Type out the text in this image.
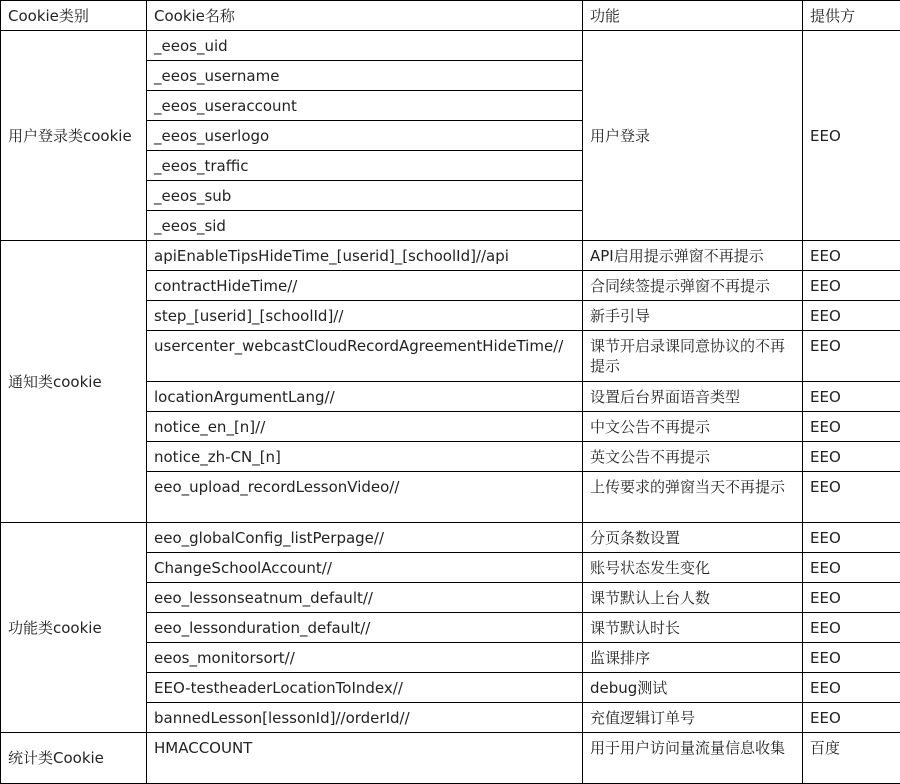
Cookie类别	Cookie名称	功能	提供方
用户登录类cookie	_eeos_uid	用户登录	EEO
	_eeos_username		
	_eeos_useraccount		
	_eeos_userlogo		
	_eeos_traffic		
	_eeos_sub		
	_eeos_sid		
通知类cookie	apiEnableTipsHideTime_[userid]_[schoolId]//api	API启用提示弹窗不再提示	EEO
	contractHideTime//	合同续签提示弹窗不再提示	EEO
	step_[userid]_[schoolId]//	新手引导	EEO
	usercenter_webcastCloudRecordAgreementHideTime//	课节开启录课同意协议的不再提示	EEO
	locationArgumentLang//	设置后台界面语音类型	EEO
	notice_en_[n]//	中文公告不再提示	EEO
	notice_zh-CN_[n]	英文公告不再提示	EEO
	eeo_upload_recordLessonVideo//	上传要求的弹窗当天不再提示	EEO
功能类cookie	eeo_globalConfig_listPerpage//	分页条数设置	EEO
	ChangeSchoolAccount//	账号状态发生变化	EEO
	eeo_lessonseatnum_default//	课节默认上台人数	EEO
	eeo_lessonduration_default//	课节默认时长	EEO
	eeos_monitorsort//	监课排序	EEO
	EEO-testheaderLocationToIndex//	debug测试	EEO
	bannedLesson[lessonId]//orderId//	充值逻辑订单号	EEO
统计类Cookie	HMACCOUNT	用于用户访问量流量信息收集	百度
